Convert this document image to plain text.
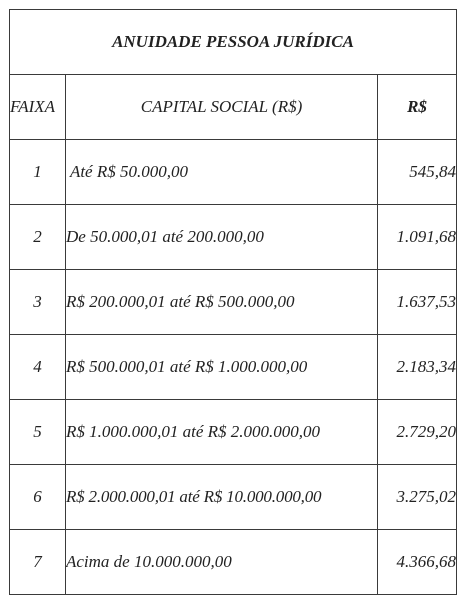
ANUIDADE PESSOA JURÍDICA		
FAIXA	CAPITAL SOCIAL (R$)	R$
1	Até R$ 50.000,00	545,84
2	De 50.000,01 até 200.000,00	1.091,68
3	R$ 200.000,01 até R$ 500.000,00	1.637,53
4	R$ 500.000,01 até R$ 1.000.000,00	2.183,34
5	R$ 1.000.000,01 até R$ 2.000.000,00	2.729,20
6	R$ 2.000.000,01 até R$ 10.000.000,00	3.275,02
7	Acima de 10.000.000,00	4.366,68
